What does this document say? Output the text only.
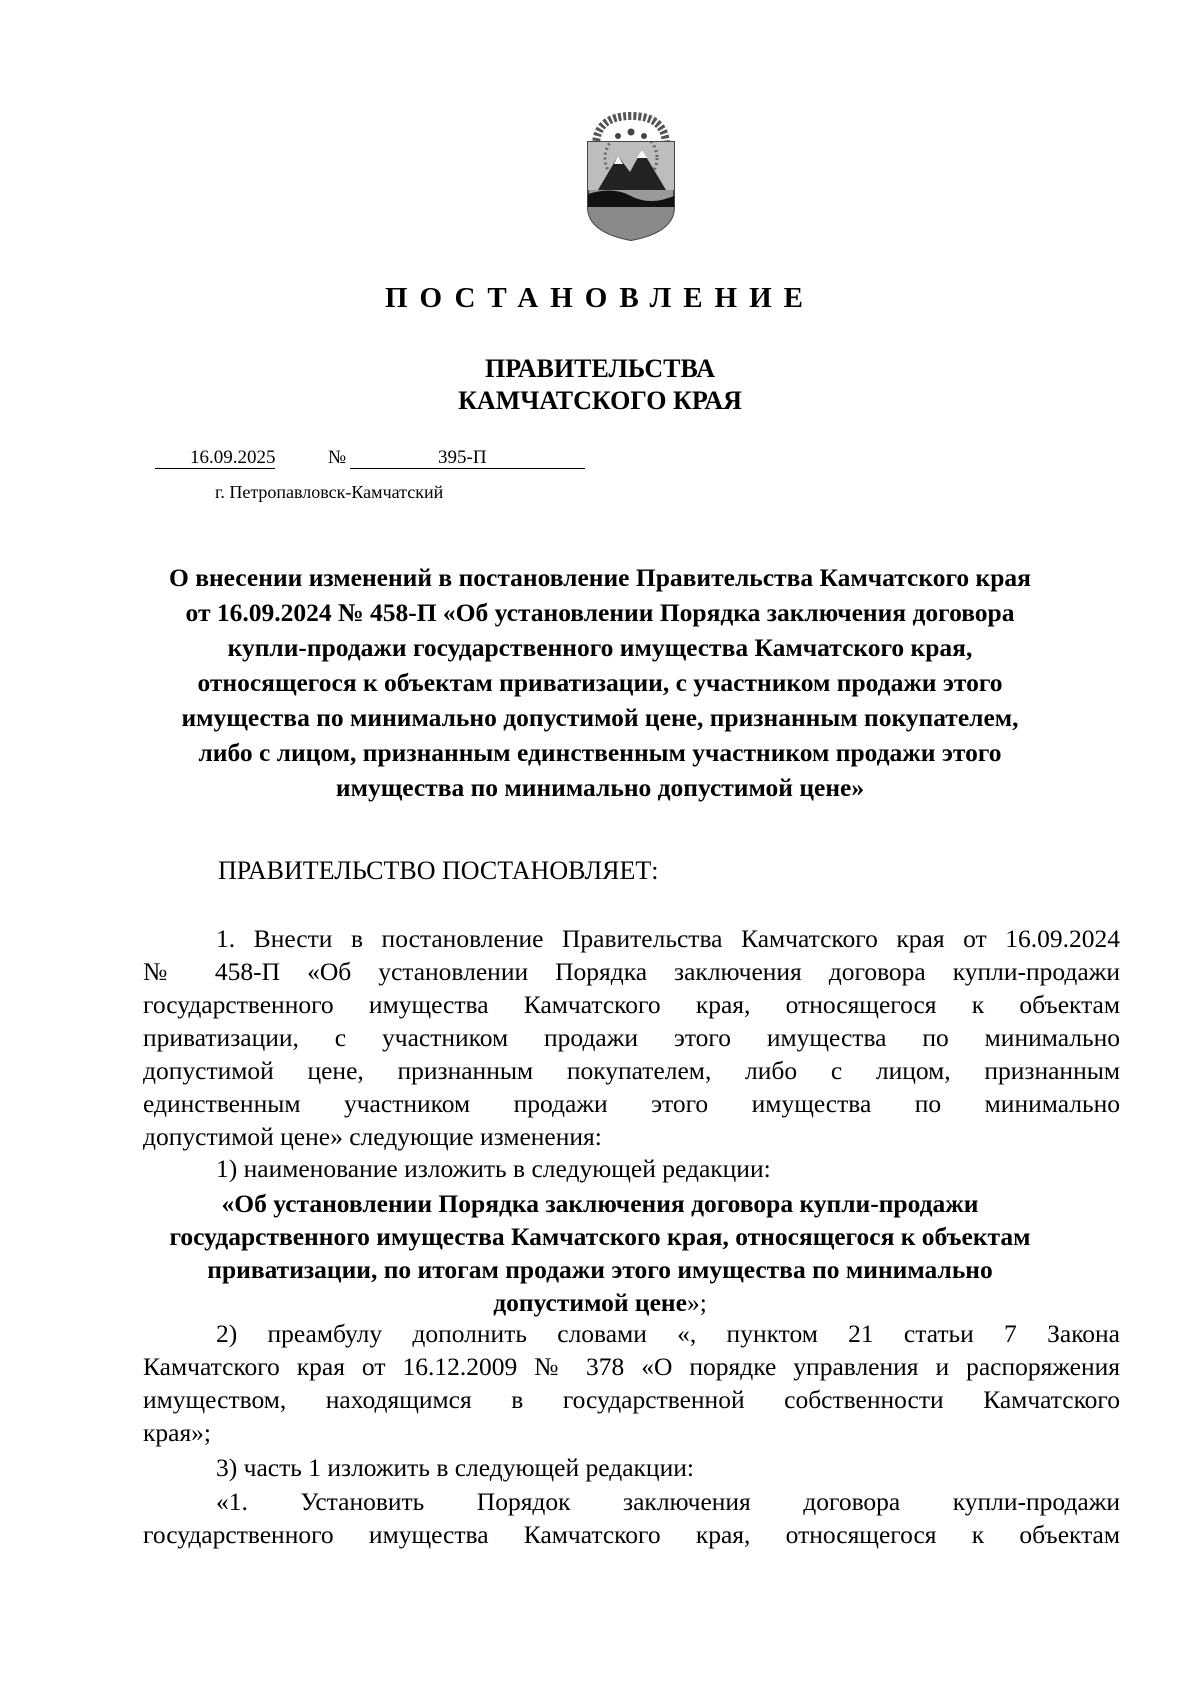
ПОСТАНОВЛЕНИЕ
ПРАВИТЕЛЬСТВА
КАМЧАТСКОГО КРАЯ
16.09.2025	№	395-П
г. Петропавловск-Камчатский
О внесении изменений в постановление Правительства Камчатского края
от 16.09.2024 № 458-П «Об установлении Порядка заключения договора
купли-продажи государственного имущества Камчатского края,
относящегося к объектам приватизации, с участником продажи этого
имущества по минимально допустимой цене, признанным покупателем,
либо с лицом, признанным единственным участником продажи этого
имущества по минимально допустимой цене»
ПРАВИТЕЛЬСТВО ПОСТАНОВЛЯЕТ:
1. Внести в постановление Правительства Камчатского края от 16.09.2024
№ 458-П «Об установлении Порядка заключения договора купли-продажи
государственного имущества Камчатского края, относящегося к объектам
приватизации, с участником продажи этого имущества по минимально
допустимой цене, признанным покупателем, либо с лицом, признанным
единственным участником продажи этого имущества по минимально
допустимой цене» следующие изменения:
1) наименование изложить в следующей редакции:
«Об установлении Порядка заключения договора купли-продажи
государственного имущества Камчатского края, относящегося к объектам
приватизации, по итогам продажи этого имущества по минимально
допустимой цене»;
2) преамбулу дополнить словами «, пунктом 21 статьи 7 Закона
Камчатского края от 16.12.2009 № 378 «О порядке управления и распоряжения
имуществом, находящимся в государственной собственности Камчатского
края»;
3) часть 1 изложить в следующей редакции:
«1. Установить Порядок заключения договора купли-продажи
государственного имущества Камчатского края, относящегося к объектам
